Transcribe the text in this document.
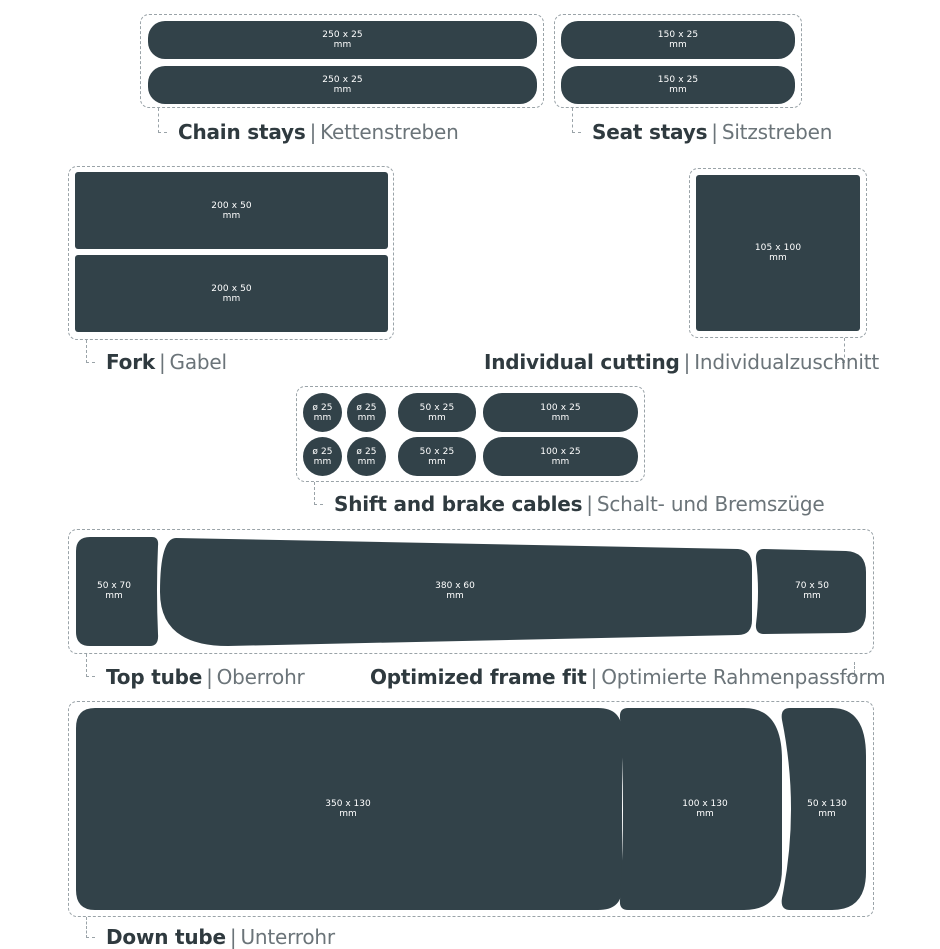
250 x 25
mm
250 x 25
mm
Chain stays | Kettenstreben
150 x 25
mm
150 x 25
mm
Seat stays | Sitzstreben
200 x 50
mm
200 x 50
mm
Fork | Gabel
105 x 100
mm
Individual cutting | Individualzuschnitt
ø 25
mm
ø 25
mm
50 x 25
mm
100 x 25
mm
ø 25
mm
ø 25
mm
50 x 25
mm
100 x 25
mm
Shift and brake cables | Schalt- und Bremszüge
50 x 70
mm
380 x 60
mm
70 x 50
mm
Top tube | Oberrohr	Optimized frame fit | Optimierte Rahmenpassform
350 x 130
mm
100 x 130
mm
50 x 130
mm
Down tube | Unterrohr
